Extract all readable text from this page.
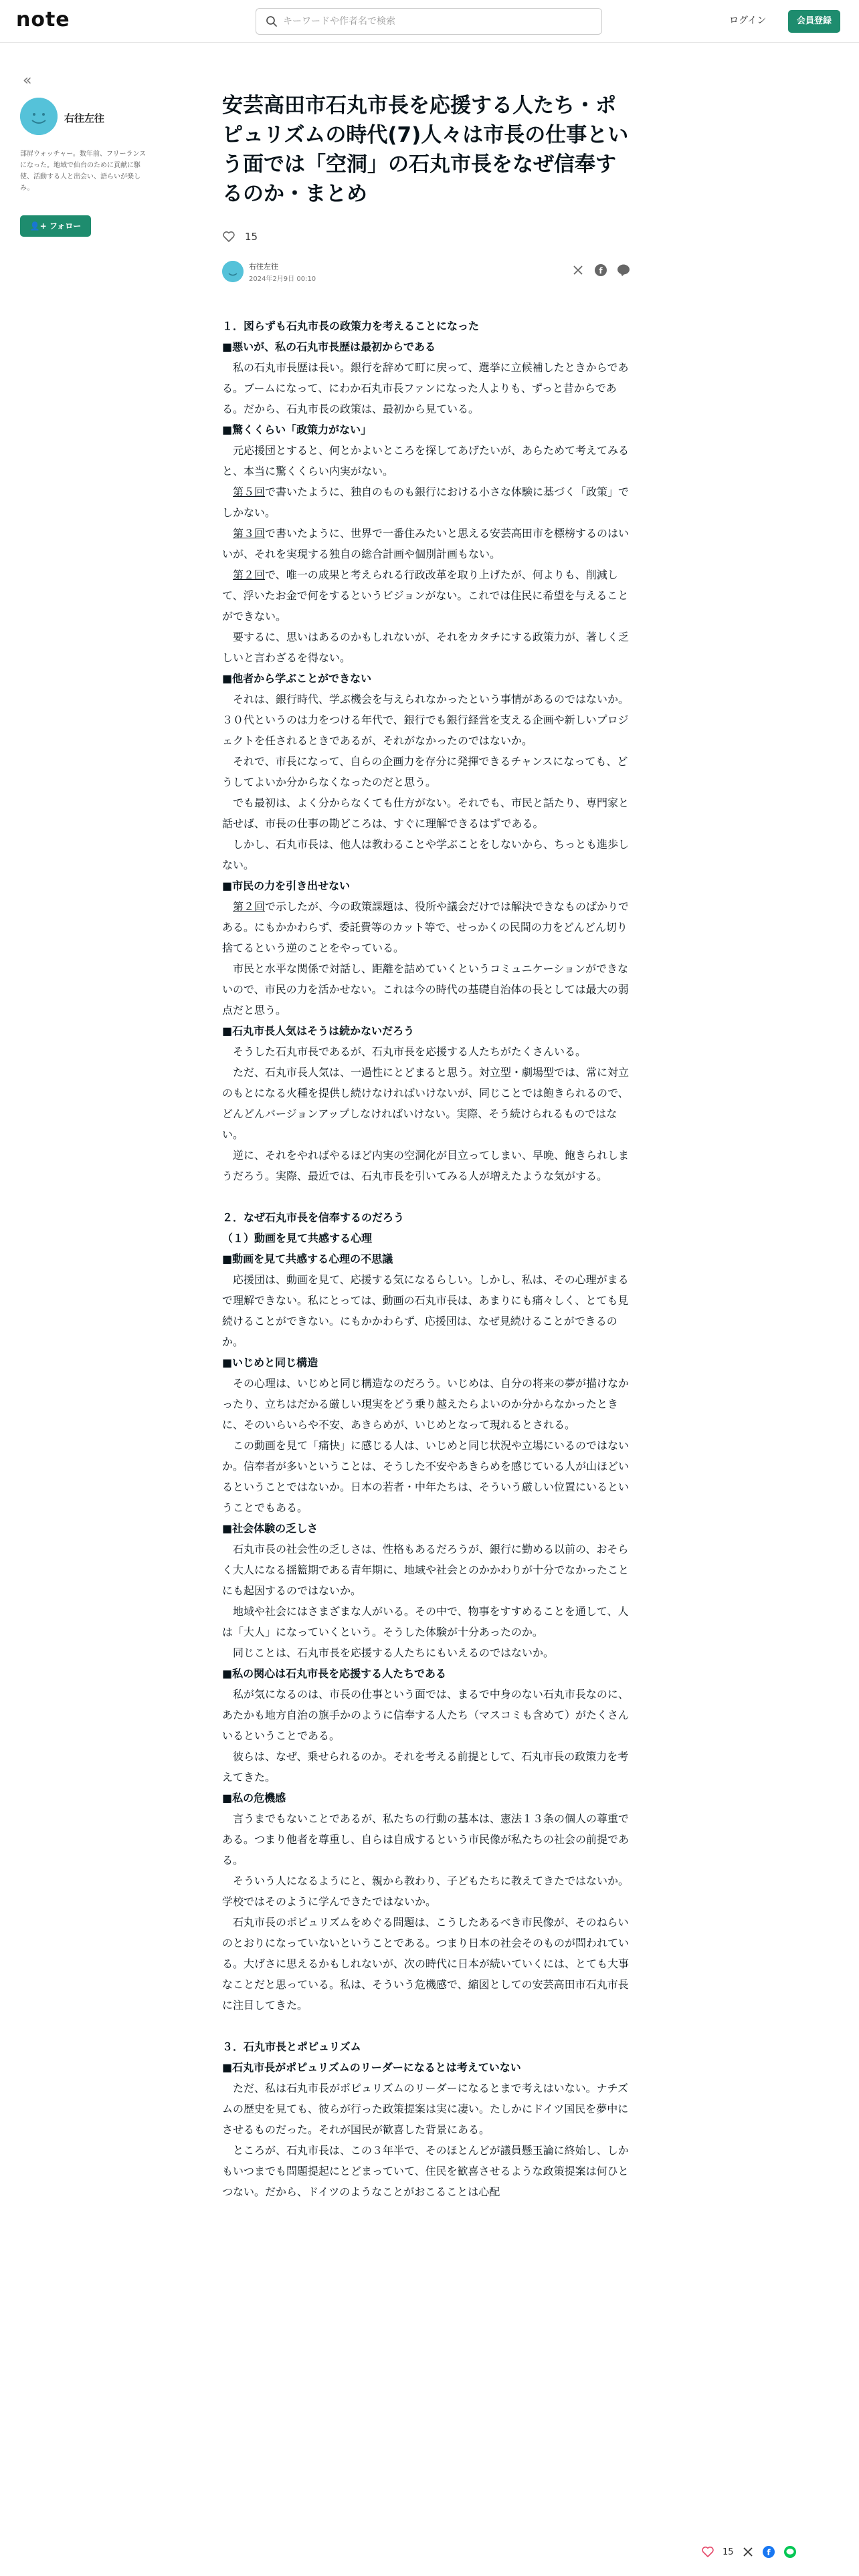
note
キーワードや作者名で検索	ログイン	会員登録
«
右往左往
部屏ウォッチャー。数年前、フリーランスになった。地域で仙台のために貢献に駆使、活動する人と出会い、語らいが楽しみ。
👤+ フォロー
安芸高田市石丸市長を応援する人たち・ポピュリズムの時代(7)人々は市長の仕事という面では「空洞」の石丸市長をなぜ信奉するのか・まとめ
15
右往左往
2024年2月9日 00:10
f
１．図らずも石丸市長の政策力を考えることになった
■悪いが、私の石丸市長歴は最初からである

私の石丸市長歴は長い。銀行を辞めて町に戻って、選挙に立候補したときからである。ブームになって、にわか石丸市長ファンになった人よりも、ずっと昔からである。だから、石丸市長の政策は、最初から見ている。

■驚くくらい「政策力がない」

元応援団とすると、何とかよいところを探してあげたいが、あらためて考えてみると、本当に驚くくらい内実がない。

第５回で書いたように、独自のものも銀行における小さな体験に基づく「政策」でしかない。

第３回で書いたように、世界で一番住みたいと思える安芸高田市を標榜するのはいいが、それを実現する独自の総合計画や個別計画もない。

第２回で、唯一の成果と考えられる行政改革を取り上げたが、何よりも、削減して、浮いたお金で何をするというビジョンがない。これでは住民に希望を与えることができない。

要するに、思いはあるのかもしれないが、それをカタチにする政策力が、著しく乏しいと言わざるを得ない。

■他者から学ぶことができない

それは、銀行時代、学ぶ機会を与えられなかったという事情があるのではないか。３０代というのは力をつける年代で、銀行でも銀行経営を支える企画や新しいプロジェクトを任されるときであるが、それがなかったのではないか。

それで、市長になって、自らの企画力を存分に発揮できるチャンスになっても、どうしてよいか分からなくなったのだと思う。

でも最初は、よく分からなくても仕方がない。それでも、市民と話たり、専門家と話せば、市長の仕事の勘どころは、すぐに理解できるはずである。

しかし、石丸市長は、他人は教わることや学ぶことをしないから、ちっとも進歩しない。

■市民の力を引き出せない

第２回で示したが、今の政策課題は、役所や議会だけでは解決できなものばかりである。にもかかわらず、委託費等のカット等で、せっかくの民間の力をどんどん切り捨てるという逆のことをやっている。

市民と水平な関係で対話し、距離を詰めていくというコミュニケーションができないので、市民の力を活かせない。これは今の時代の基礎自治体の長としては最大の弱点だと思う。

■石丸市長人気はそうは続かないだろう

そうした石丸市長であるが、石丸市長を応援する人たちがたくさんいる。

ただ、石丸市長人気は、一過性にとどまると思う。対立型・劇場型では、常に対立のもとになる火種を提供し続けなければいけないが、同じことでは飽きられるので、どんどんバージョンアップしなければいけない。実際、そう続けられるものではない。

逆に、それをやればやるほど内実の空洞化が目立ってしまい、早晩、飽きられしまうだろう。実際、最近では、石丸市長を引いてみる人が増えたような気がする。

２．なぜ石丸市長を信奉するのだろう
（１）動画を見て共感する心理
■動画を見て共感する心理の不思議

応援団は、動画を見て、応援する気になるらしい。しかし、私は、その心理がまるで理解できない。私にとっては、動画の石丸市長は、あまりにも痛々しく、とても見続けることができない。にもかかわらず、応援団は、なぜ見続けることができるのか。

■いじめと同じ構造

その心理は、いじめと同じ構造なのだろう。いじめは、自分の将来の夢が描けなかったり、立ちはだかる厳しい現実をどう乗り越えたらよいのか分からなかったときに、そのいらいらや不安、あきらめが、いじめとなって現れるとされる。

この動画を見て「痛快」に感じる人は、いじめと同じ状況や立場にいるのではないか。信奉者が多いということは、そうした不安やあきらめを感じている人が山ほどいるということではないか。日本の若者・中年たちは、そういう厳しい位置にいるということでもある。

■社会体験の乏しさ

石丸市長の社会性の乏しさは、性格もあるだろうが、銀行に勤める以前の、おそらく大人になる揺籃期である青年期に、地域や社会とのかかわりが十分でなかったことにも起因するのではないか。

地域や社会にはさまざまな人がいる。その中で、物事をすすめることを通して、人は「大人」になっていくという。そうした体験が十分あったのか。

同じことは、石丸市長を応援する人たちにもいえるのではないか。

■私の関心は石丸市長を応援する人たちである

私が気になるのは、市長の仕事という面では、まるで中身のない石丸市長なのに、あたかも地方自治の旗手かのように信奉する人たち（マスコミも含めて）がたくさんいるということである。

彼らは、なぜ、乗せられるのか。それを考える前提として、石丸市長の政策力を考えてきた。

■私の危機感

言うまでもないことであるが、私たちの行動の基本は、憲法１３条の個人の尊重である。つまり他者を尊重し、自らは自成するという市民像が私たちの社会の前提である。

そういう人になるようにと、親から教わり、子どもたちに教えてきたではないか。学校ではそのように学んできたではないか。

石丸市長のポピュリズムをめぐる問題は、こうしたあるべき市民像が、そのねらいのとおりになっていないということである。つまり日本の社会そのものが問われている。大げさに思えるかもしれないが、次の時代に日本が続いていくには、とても大事なことだと思っている。私は、そういう危機感で、縮図としての安芸高田市石丸市長に注目してきた。

３．石丸市長とポピュリズム
■石丸市長がポピュリズムのリーダーになるとは考えていない

ただ、私は石丸市長がポピュリズムのリーダーになるとまで考えはいない。ナチズムの歴史を見ても、彼らが行った政策提案は実に凄い。たしかにドイツ国民を夢中にさせるものだった。それが国民が歓喜した背景にある。

ところが、石丸市長は、この３年半で、そのほとんどが議員懸玉論に終始し、しかもいつまでも問題提起にとどまっていて、住民を歓喜させるような政策提案は何ひとつない。だから、ドイツのようなことがおこることは心配

15	f
